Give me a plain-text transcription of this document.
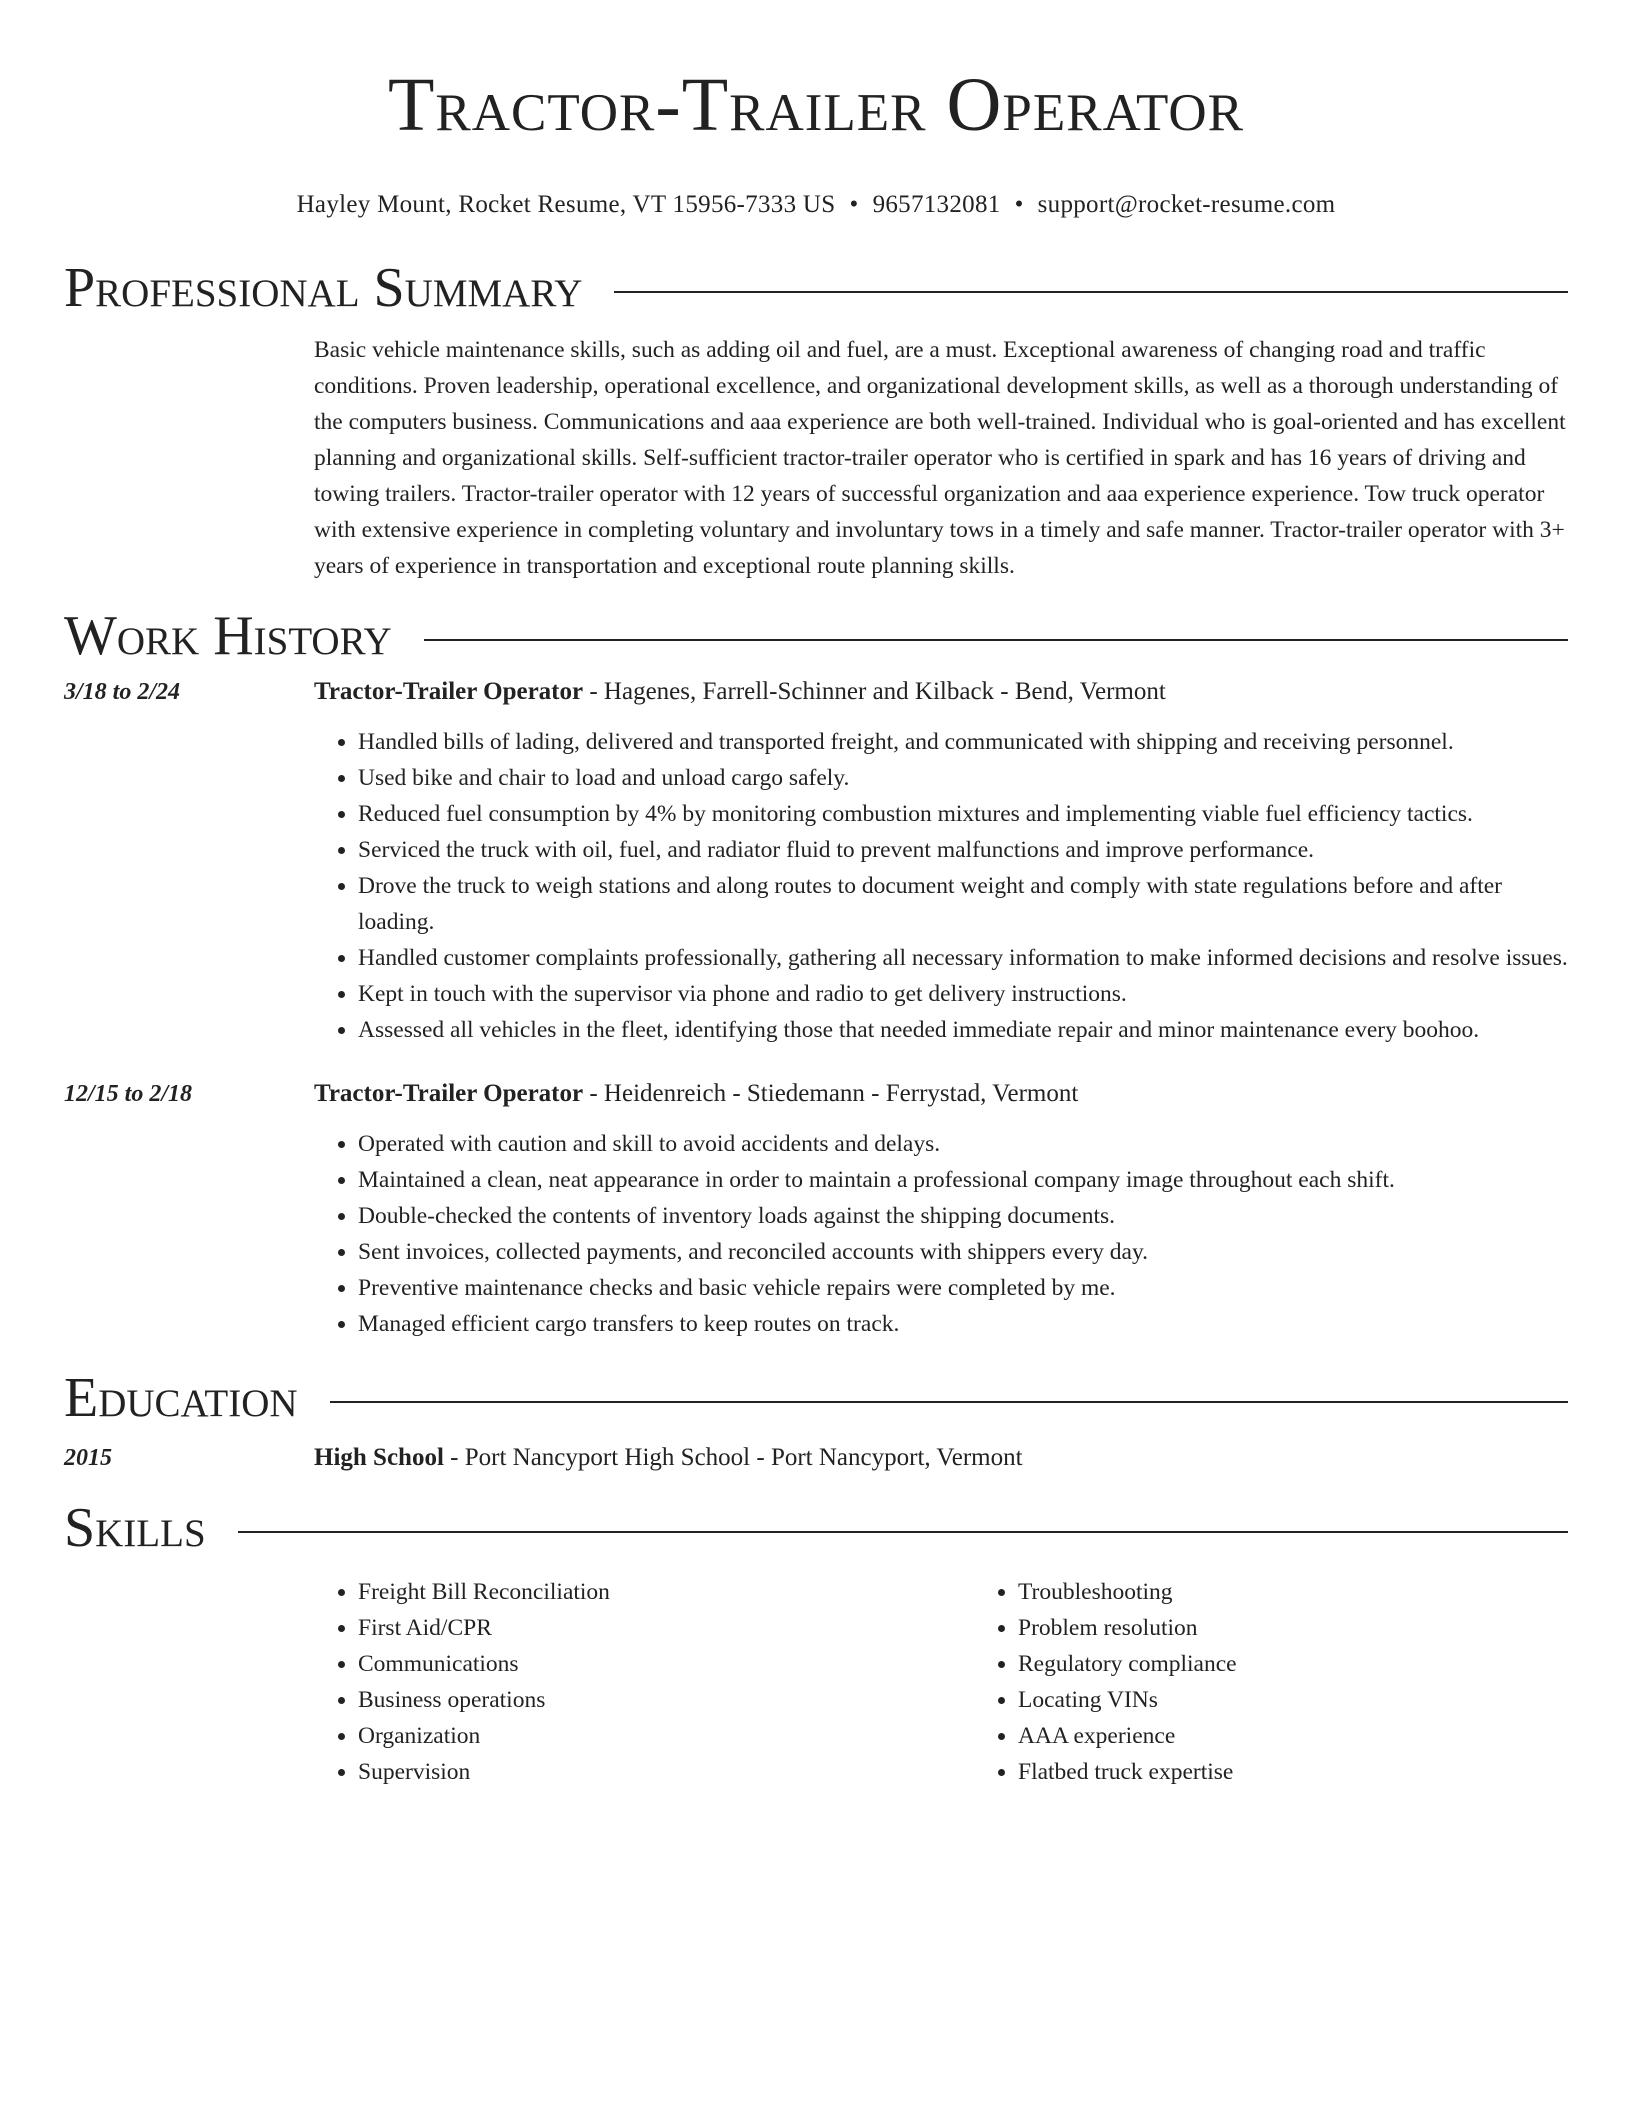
Tractor-Trailer Operator
Hayley Mount, Rocket Resume, VT 15956-7333 US • 9657132081 • support@rocket-resume.com
Professional Summary

Basic vehicle maintenance skills, such as adding oil and fuel, are a must. Exceptional awareness of changing road and traffic conditions. Proven leadership, operational excellence, and organizational development skills, as well as a thorough understanding of the computers business. Communications and aaa experience are both well-trained. Individual who is goal-oriented and has excellent planning and organizational skills. Self-sufficient tractor-trailer operator who is certified in spark and has 16 years of driving and towing trailers. Tractor-trailer operator with 12 years of successful organization and aaa experience experience. Tow truck operator with extensive experience in completing voluntary and involuntary tows in a timely and safe manner. Tractor-trailer operator with 3+ years of experience in transportation and exceptional route planning skills.

Work History
3/18 to 2/24	Tractor-Trailer Operator - Hagenes, Farrell-Schinner and Kilback - Bend, Vermont
• Handled bills of lading, delivered and transported freight, and communicated with shipping and receiving personnel.
• Used bike and chair to load and unload cargo safely.
• Reduced fuel consumption by 4% by monitoring combustion mixtures and implementing viable fuel efficiency tactics.
• Serviced the truck with oil, fuel, and radiator fluid to prevent malfunctions and improve performance.
• Drove the truck to weigh stations and along routes to document weight and comply with state regulations before and after loading.
• Handled customer complaints professionally, gathering all necessary information to make informed decisions and resolve issues.
• Kept in touch with the supervisor via phone and radio to get delivery instructions.
• Assessed all vehicles in the fleet, identifying those that needed immediate repair and minor maintenance every boohoo.
12/15 to 2/18	Tractor-Trailer Operator - Heidenreich - Stiedemann - Ferrystad, Vermont
• Operated with caution and skill to avoid accidents and delays.
• Maintained a clean, neat appearance in order to maintain a professional company image throughout each shift.
• Double-checked the contents of inventory loads against the shipping documents.
• Sent invoices, collected payments, and reconciled accounts with shippers every day.
• Preventive maintenance checks and basic vehicle repairs were completed by me.
• Managed efficient cargo transfers to keep routes on track.
Education
2015	High School - Port Nancyport High School - Port Nancyport, Vermont
Skills
• Freight Bill Reconciliation
• First Aid/CPR
• Communications
• Business operations
• Organization
• Supervision
• Troubleshooting
• Problem resolution
• Regulatory compliance
• Locating VINs
• AAA experience
• Flatbed truck expertise
